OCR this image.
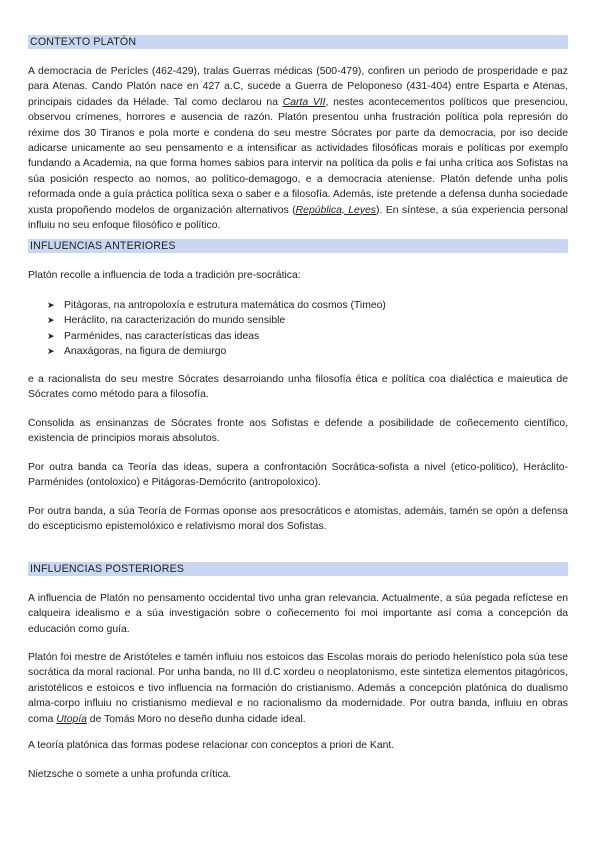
CONTEXTO PLATÓN

A democracia de Perícles (462-429), tralas Guerras médicas (500-479), confiren un periodo de prosperidade e paz para Atenas. Cando Platón nace en 427 a.C, sucede a Guerra de Peloponeso (431-404) entre Esparta e Atenas, principais cidades da Hélade. Tal como declarou na Carta VII, nestes acontecementos políticos que presenciou, observou crímenes, horrores e ausencia de razón. Platón presentou unha frustración política pola represión do réxime dos 30 Tiranos e pola morte e condena do seu mestre Sócrates por parte da democracia, por iso decide adicarse unicamente ao seu pensamento e a intensificar as actividades filosóficas morais e políticas por exemplo fundando a Academia, na que forma homes sabios para intervir na política da polis e fai unha crítica aos Sofistas na súa posición respecto ao nomos, ao político-demagogo, e a democracia ateniense. Platón defende unha polis reformada onde a guía práctica política sexa o saber e a filosofía. Además, iste pretende a defensa dunha sociedade xusta propoñendo modelos de organización alternativos (República, Leyes). En síntese, a súa experiencia personal influiu no seu enfoque filosófico e político.

INFLUENCIAS ANTERIORES

Platón recolle a influencia de toda a tradición pre-socrática:

➤ Pitágoras, na antropoloxía e estrutura matemática do cosmos (Timeo)
➤ Heráclito, na caracterización do mundo sensible
➤ Parménides, nas características das ideas
➤ Anaxágoras, na figura de demiurgo

e a racionalista do seu mestre Sócrates desarroiando unha filosofía ética e política coa dialéctica e maieutica de Sócrates como método para a filosofía.

Consolida as ensinanzas de Sócrates fronte aos Sofistas e defende a posibilidade de coñecemento científico, existencia de principios morais absolutos.

Por outra banda ca Teoría das ideas, supera a confrontación Socrática-sofista a nivel (etico-politico), Heráclito-Parménides (ontoloxico) e Pitágoras-Demócrito (antropoloxico).

Por outra banda, a súa Teoría de Formas oponse aos presocráticos e atomistas, ademáis, tamén se opón a defensa do escepticismo epistemolóxico e relativismo moral dos Sofistas.

INFLUENCIAS POSTERIORES

A influencia de Platón no pensamento occidental tivo unha gran relevancia. Actualmente, a súa pegada refíctese en calqueira idealismo e a súa investigación sobre o coñecemento foi moi importante así coma a concepción da educación como guía.

Platón foi mestre de Aristóteles e tamén influiu nos estoicos das Escolas morais do periodo helenístico pola súa tese socrática da moral racional. Por unha banda, no III d.C xordeu o neoplatonismo, este sintetiza elementos pitagóricos, aristotélicos e estoicos e tivo influencia na formación do cristianismo. Además a concepción platónica do dualismo alma-corpo influiu no cristianismo medieval e no racionalismo da modernidade. Por outra banda, influiu en obras coma Utopía de Tomás Moro no deseño dunha cidade ideal.

A teoría platónica das formas podese relacionar con conceptos a priori de Kant.

Nietzsche o somete a unha profunda crítica.
